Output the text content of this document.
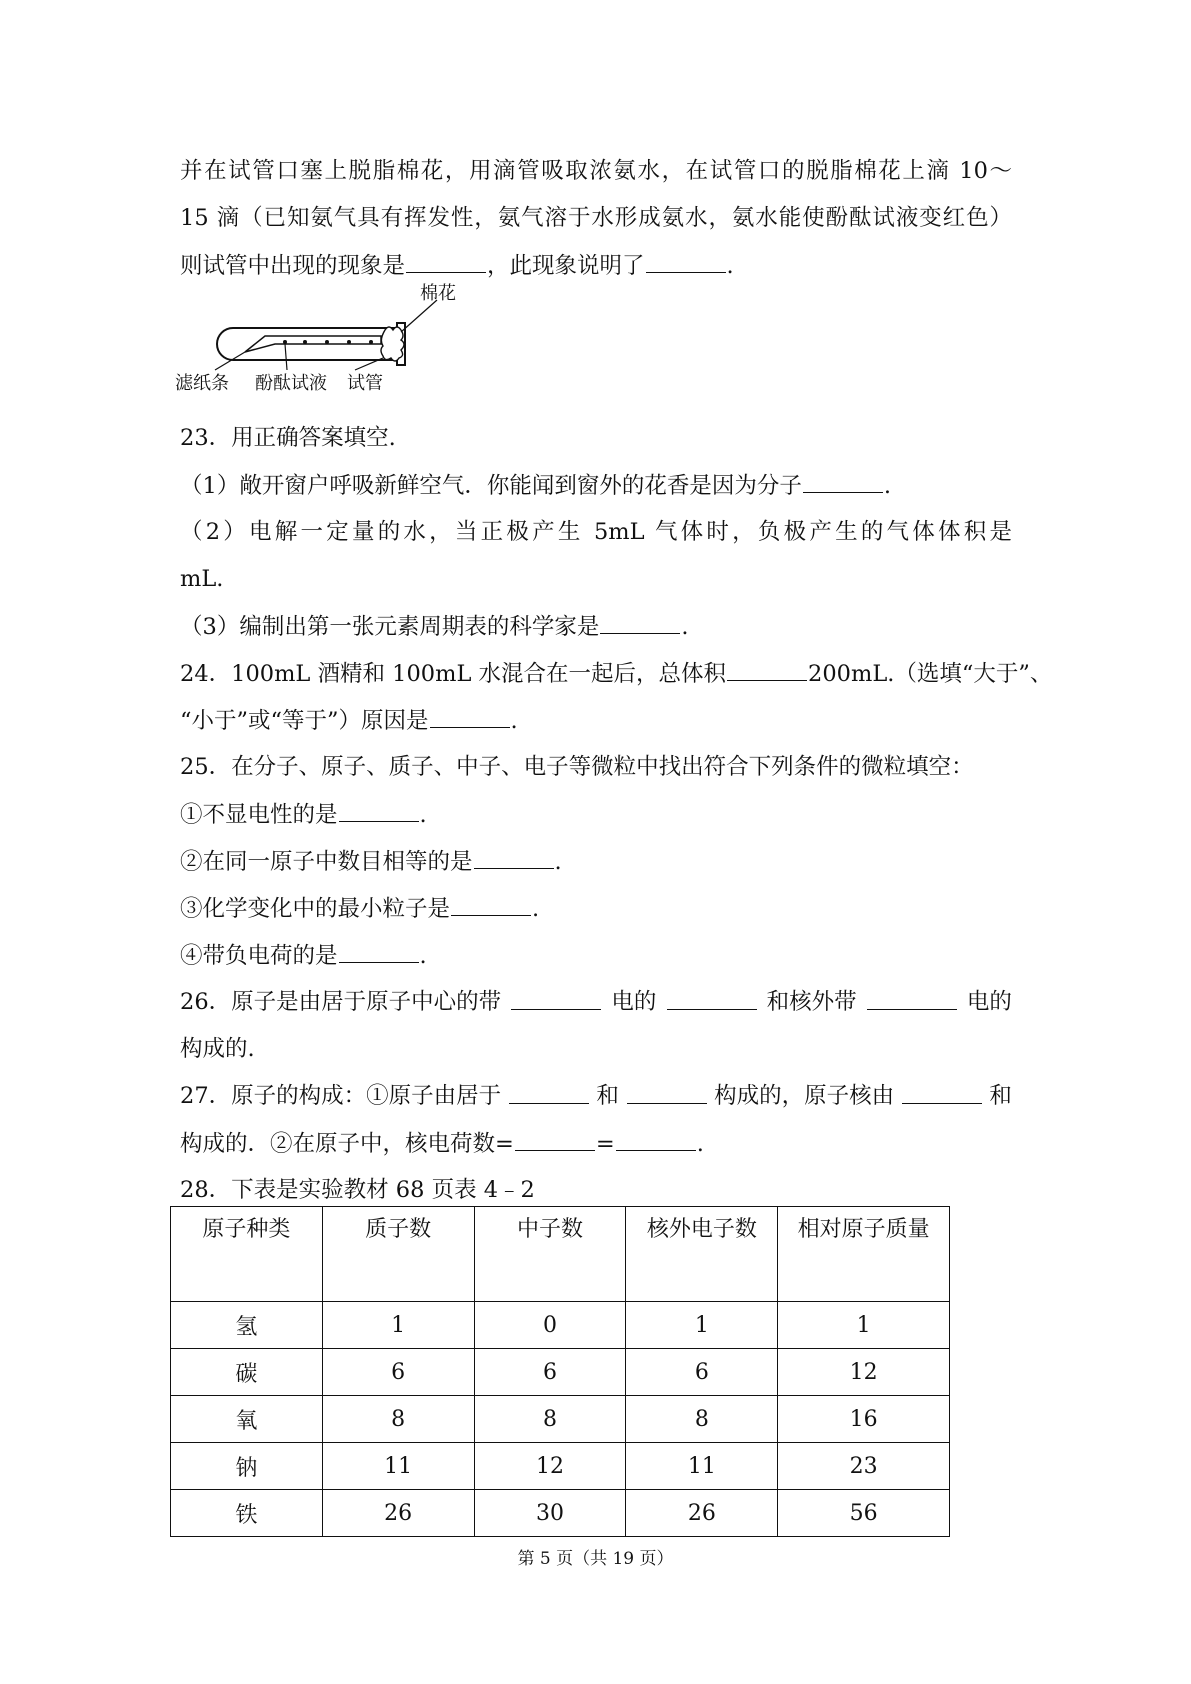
并在试管口塞上脱脂棉花，用滴管吸取浓氨水，在试管口的脱脂棉花上滴 10～
15 滴（已知氨气具有挥发性，氨气溶于水形成氨水，氨水能使酚酞试液变红色）
则试管中出现的现象是	，此现象说明了	.
棉花
滤纸条 酚酞试液 试管
23．用正确答案填空.
（1）敞开窗户呼吸新鲜空气．你能闻到窗外的花香是因为分子	.
（2）电解一定量的水，当正极产生 5mL 气体时，负极产生的气体体积是
mL.
（3）编制出第一张元素周期表的科学家是	.
24．100mL 酒精和 100mL 水混合在一起后，总体积	200mL.（选填“大于”、
“小于”或“等于”）原因是	.
25．在分子、原子、质子、中子、电子等微粒中找出符合下列条件的微粒填空：
①不显电性的是	.
②在同一原子中数目相等的是	.
③化学变化中的最小粒子是	.
④带负电荷的是	.
26．原子是由居于原子中心的带	电的	和核外带	电的
构成的.
27．原子的构成：①原子由居于	和	构成的，原子核由	和
构成的．②在原子中，核电荷数=	=	.
28．下表是实验教材 68 页表 4﹣2
原子种类	质子数	中子数	核外电子数	相对原子质量
氢	1	0	1	1
碳	6	6	6	12
氧	8	8	8	16
钠	11	12	11	23
铁	26	30	26	56
第 5 页（共 19 页）
